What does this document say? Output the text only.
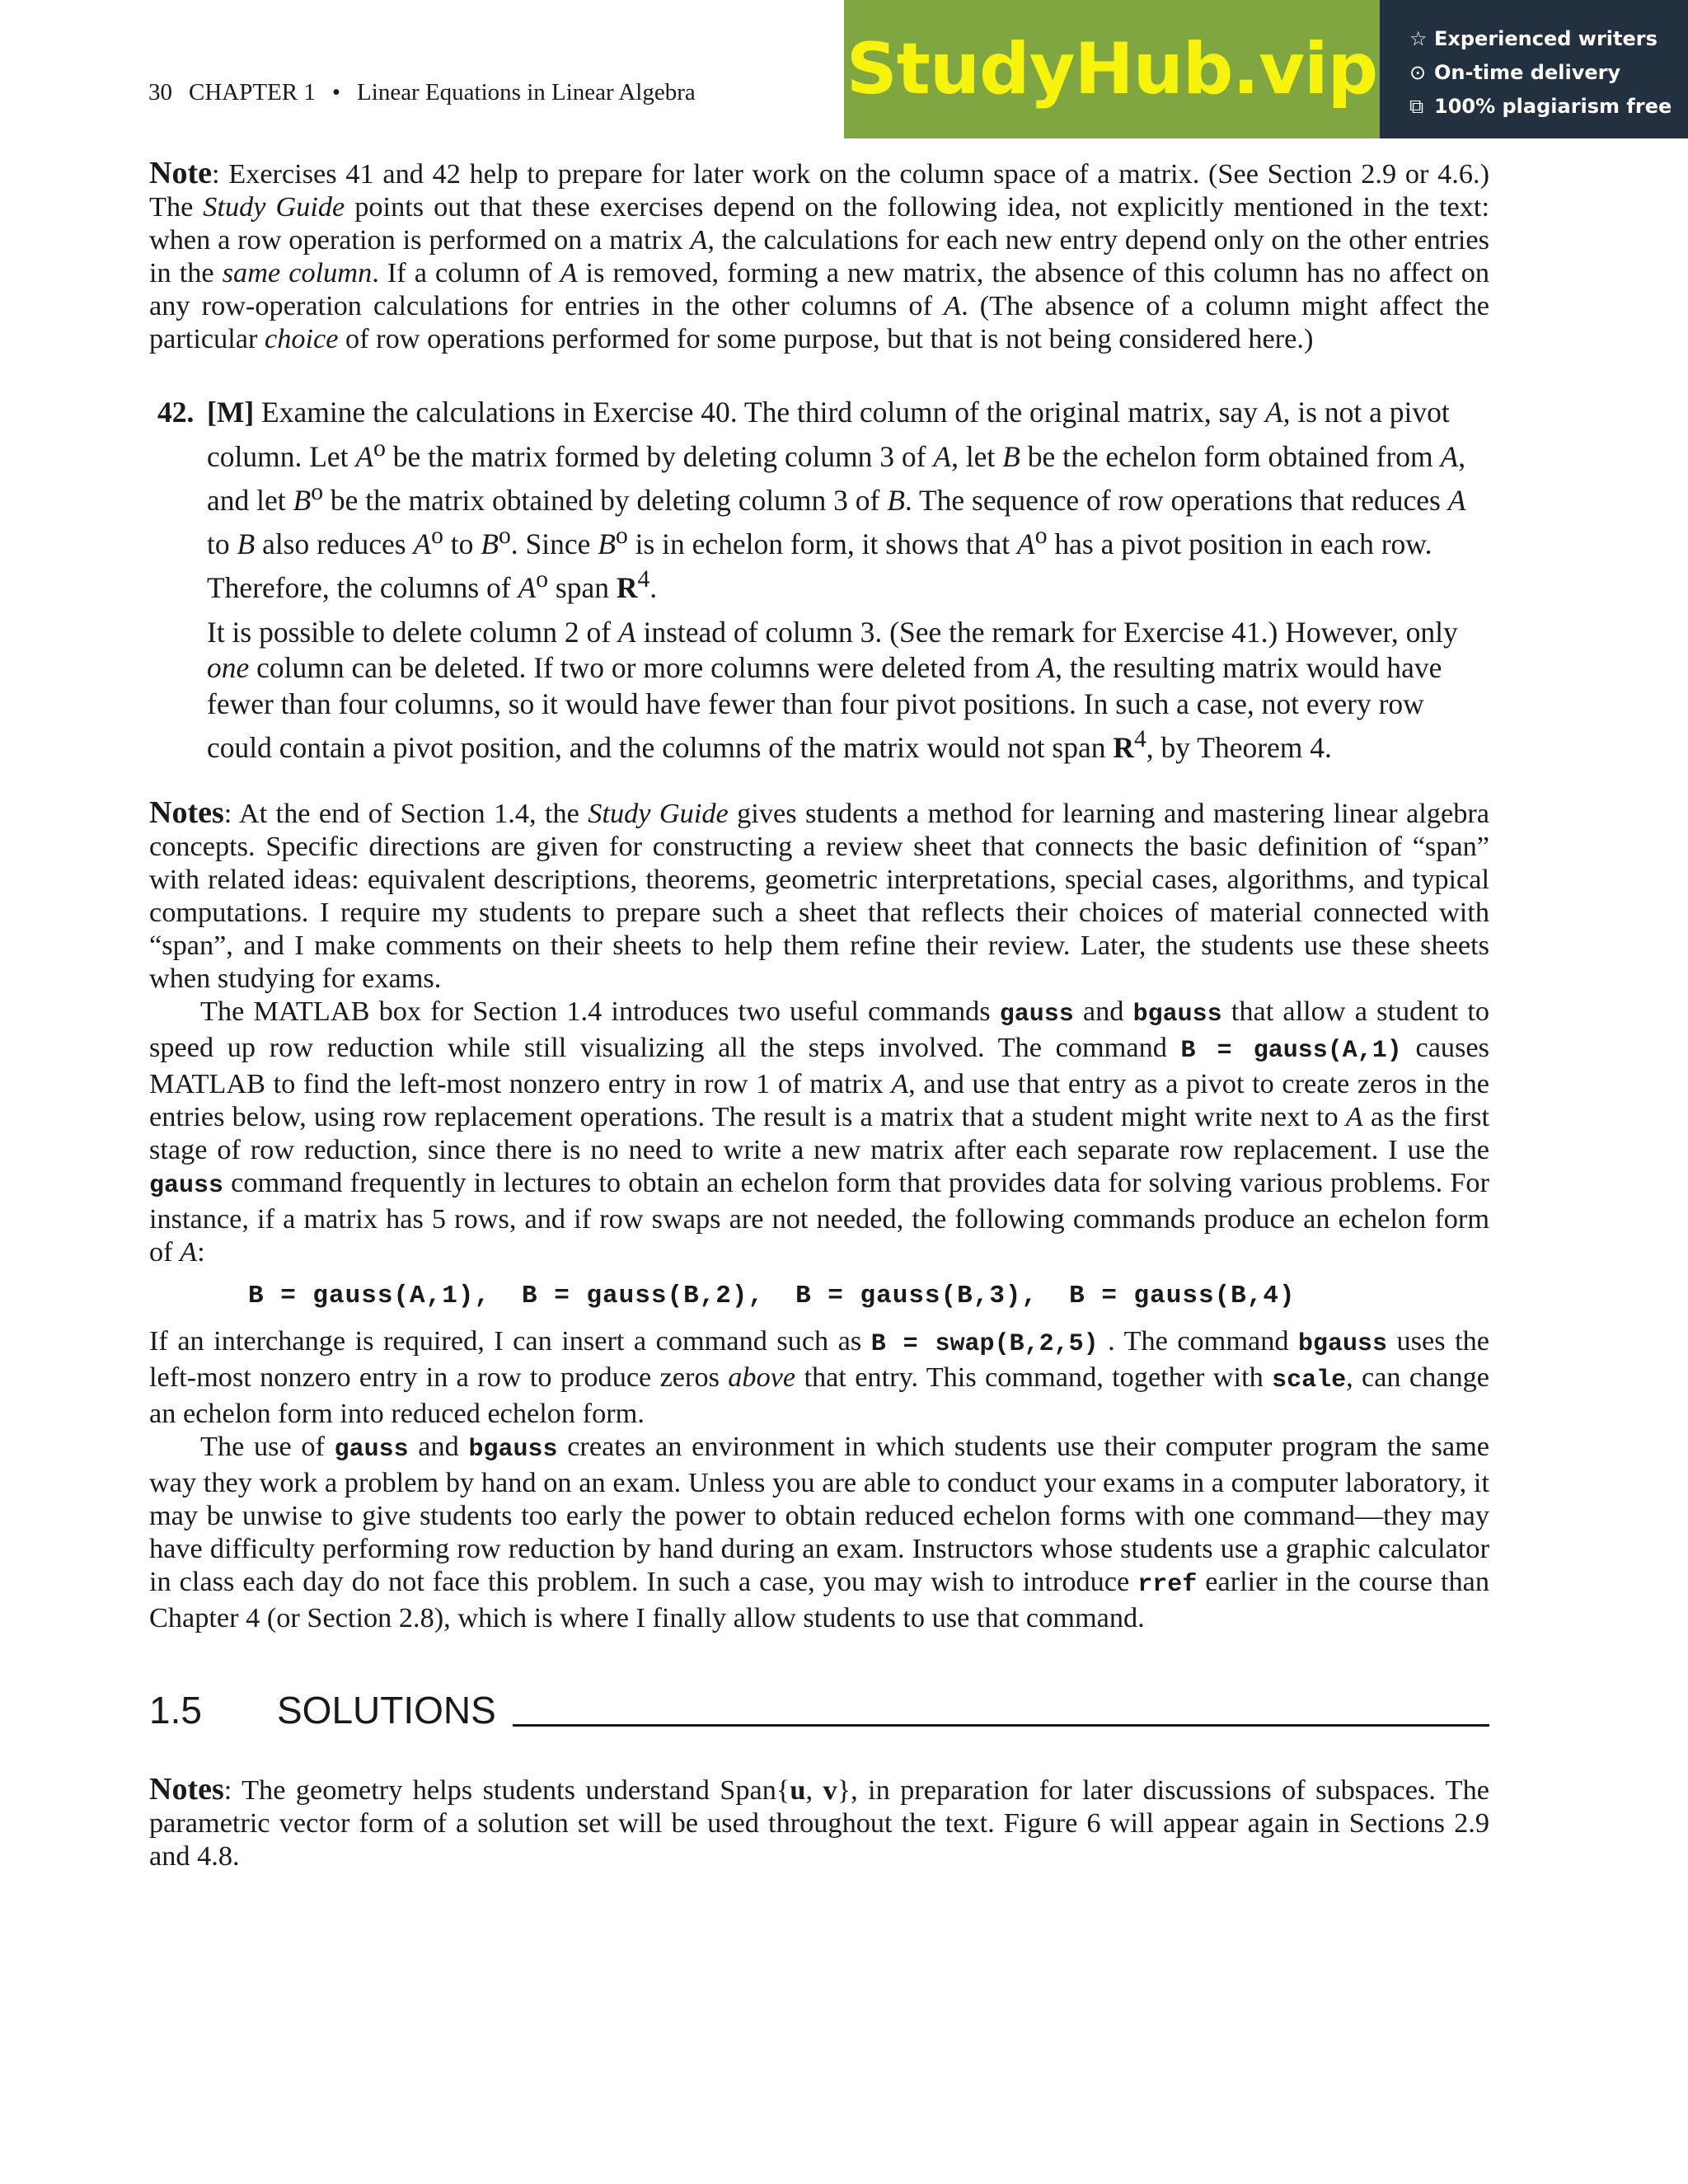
StudyHub.vip ☆ Experienced writers
⊙ On-time delivery
⧉ 100% plagiarism free
30 CHAPTER 1 • Linear Equations in Linear Algebra

Note: Exercises 41 and 42 help to prepare for later work on the column space of a matrix. (See Section 2.9 or 4.6.) The Study Guide points out that these exercises depend on the following idea, not explicitly mentioned in the text: when a row operation is performed on a matrix A, the calculations for each new entry depend only on the other entries in the same column. If a column of A is removed, forming a new matrix, the absence of this column has no affect on any row-operation calculations for entries in the other columns of A. (The absence of a column might affect the particular choice of row operations performed for some purpose, but that is not being considered here.)

42. [M] Examine the calculations in Exercise 40. The third column of the original matrix, say A, is not a pivot column. Let $A^o$ be the matrix formed by deleting column 3 of A, let B be the echelon form obtained from A, and let $B^o$ be the matrix obtained by deleting column 3 of B. The sequence of row operations that reduces A to B also reduces $A^o$ to $B^o$. Since $B^o$ is in echelon form, it shows that $A^o$ has a pivot position in each row. Therefore, the columns of $A^o$ span $R^4$.

It is possible to delete column 2 of A instead of column 3. (See the remark for Exercise 41.) However, only one column can be deleted. If two or more columns were deleted from A, the resulting matrix would have fewer than four columns, so it would have fewer than four pivot positions. In such a case, not every row could contain a pivot position, and the columns of the matrix would not span $R^4$, by Theorem 4.

Notes: At the end of Section 1.4, the Study Guide gives students a method for learning and mastering linear algebra concepts. Specific directions are given for constructing a review sheet that connects the basic definition of “span” with related ideas: equivalent descriptions, theorems, geometric interpretations, special cases, algorithms, and typical computations. I require my students to prepare such a sheet that reflects their choices of material connected with “span”, and I make comments on their sheets to help them refine their review. Later, the students use these sheets when studying for exams.

The MATLAB box for Section 1.4 introduces two useful commands gauss and bgauss that allow a student to speed up row reduction while still visualizing all the steps involved. The command B = gauss(A,1) causes MATLAB to find the left-most nonzero entry in row 1 of matrix A, and use that entry as a pivot to create zeros in the entries below, using row replacement operations. The result is a matrix that a student might write next to A as the first stage of row reduction, since there is no need to write a new matrix after each separate row replacement. I use the gauss command frequently in lectures to obtain an echelon form that provides data for solving various problems. For instance, if a matrix has 5 rows, and if row swaps are not needed, the following commands produce an echelon form of A:

B = gauss(A,1), B = gauss(B,2), B = gauss(B,3), B = gauss(B,4)

If an interchange is required, I can insert a command such as B = swap(B,2,5) . The command bgauss uses the left-most nonzero entry in a row to produce zeros above that entry. This command, together with scale, can change an echelon form into reduced echelon form.

The use of gauss and bgauss creates an environment in which students use their computer program the same way they work a problem by hand on an exam. Unless you are able to conduct your exams in a computer laboratory, it may be unwise to give students too early the power to obtain reduced echelon forms with one command—they may have difficulty performing row reduction by hand during an exam. Instructors whose students use a graphic calculator in class each day do not face this problem. In such a case, you may wish to introduce rref earlier in the course than Chapter 4 (or Section 2.8), which is where I finally allow students to use that command.

1.5	SOLUTIONS

Notes: The geometry helps students understand Span{u, v}, in preparation for later discussions of subspaces. The parametric vector form of a solution set will be used throughout the text. Figure 6 will appear again in Sections 2.9 and 4.8.
